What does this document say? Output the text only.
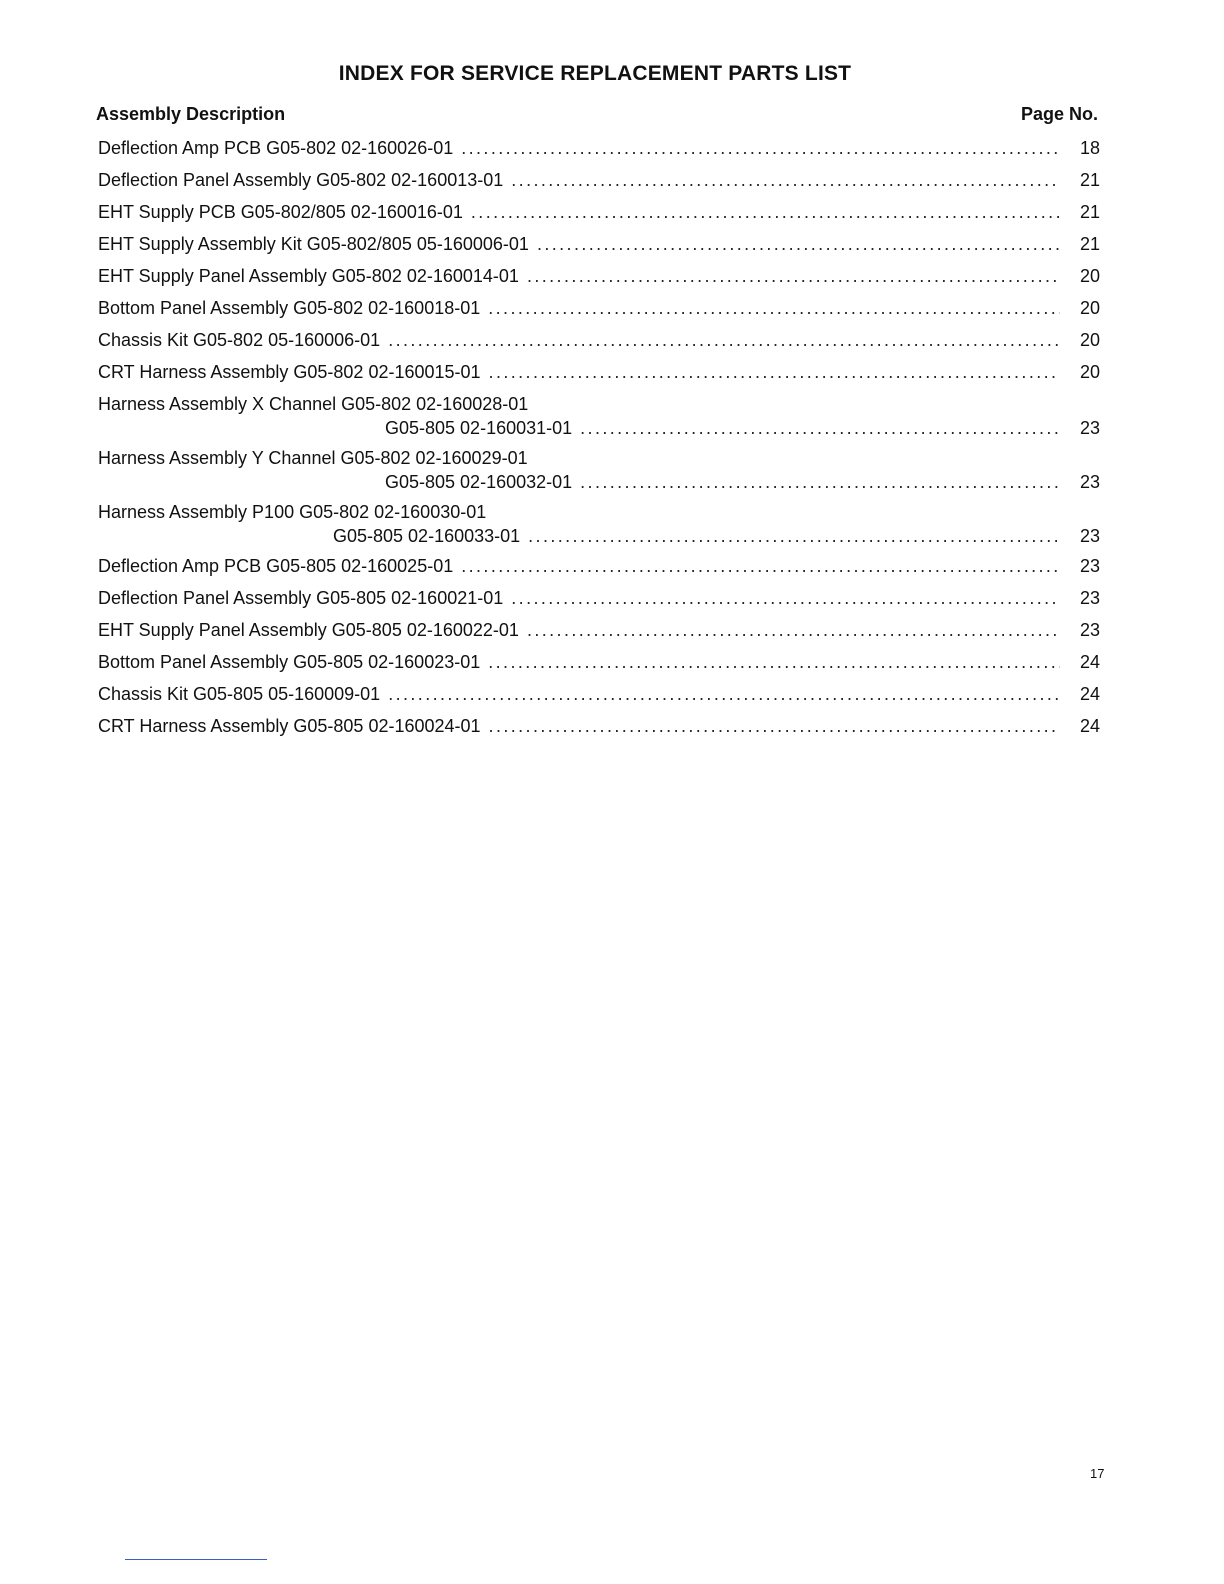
INDEX FOR SERVICE REPLACEMENT PARTS LIST
Assembly Description	Page No.
Deflection Amp PCB G05-802 02-160026-01 .....	18
Deflection Panel Assembly G05-802 02-160013-01 .....	21
EHT Supply PCB G05-802/805 02-160016-01 .....	21
EHT Supply Assembly Kit G05-802/805 05-160006-01 .....	21
EHT Supply Panel Assembly G05-802 02-160014-01 .....	20
Bottom Panel Assembly G05-802 02-160018-01 .....	20
Chassis Kit G05-802 05-160006-01 .....	20
CRT Harness Assembly G05-802 02-160015-01 .....	20
Harness Assembly X Channel G05-802 02-160028-01
G05-805 02-160031-01 .....	23
Harness Assembly Y Channel G05-802 02-160029-01
G05-805 02-160032-01 .....	23
Harness Assembly P100 G05-802 02-160030-01
G05-805 02-160033-01 .....	23
Deflection Amp PCB G05-805 02-160025-01 .....	23
Deflection Panel Assembly G05-805 02-160021-01 .....	23
EHT Supply Panel Assembly G05-805 02-160022-01 .....	23
Bottom Panel Assembly G05-805 02-160023-01 .....	24
Chassis Kit G05-805 05-160009-01 .....	24
CRT Harness Assembly G05-805 02-160024-01 .....	24
17
